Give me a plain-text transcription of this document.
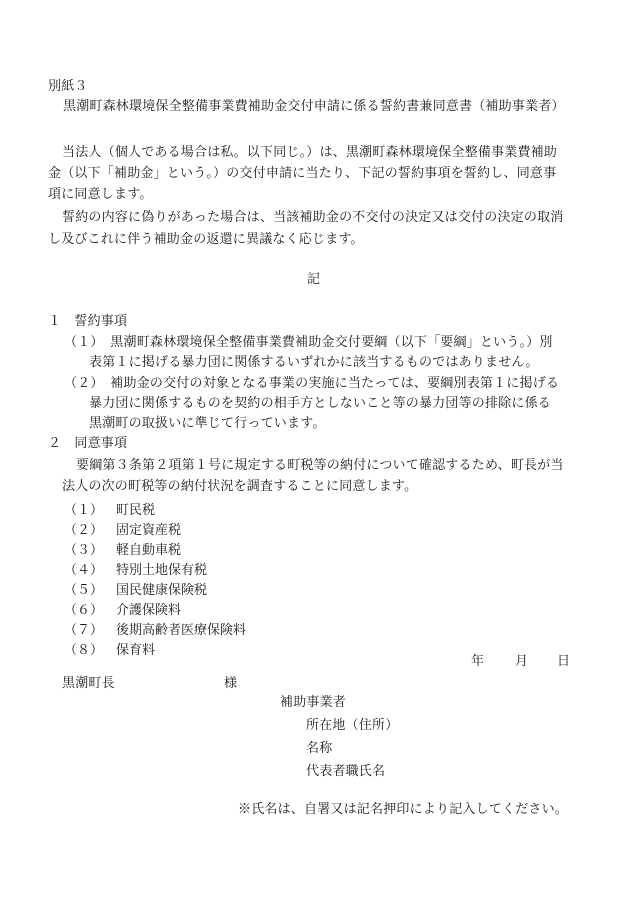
別紙３
黒潮町森林環境保全整備事業費補助金交付申請に係る誓約書兼同意書（補助事業者）
当法人（個人である場合は私。以下同じ。）は、黒潮町森林環境保全整備事業費補助
金（以下「補助金」という。）の交付申請に当たり、下記の誓約事項を誓約し、同意事
項に同意します。
誓約の内容に偽りがあった場合は、当該補助金の不交付の決定又は交付の決定の取消
し及びこれに伴う補助金の返還に異議なく応じます。
記
１　誓約事項
（１）　黒潮町森林環境保全整備事業費補助金交付要綱（以下「要綱」という。）別
表第１に掲げる暴力団に関係するいずれかに該当するものではありません。
（２）　補助金の交付の対象となる事業の実施に当たっては、要綱別表第１に掲げる
暴力団に関係するものを契約の相手方としないこと等の暴力団等の排除に係る
黒潮町の取扱いに準じて行っています。
２　同意事項
要綱第３条第２項第１号に規定する町税等の納付について確認するため、町長が当
法人の次の町税等の納付状況を調査することに同意します。
（１） 町民税
（２） 固定資産税
（３） 軽自動車税
（４） 特別土地保有税
（５） 国民健康保険税
（６） 介護保険料
（７） 後期高齢者医療保険料
（８） 保育料
年 月 日
黒潮町長	様
補助事業者
所在地（住所）
名称
代表者職氏名
※氏名は、自署又は記名押印により記入してください。
